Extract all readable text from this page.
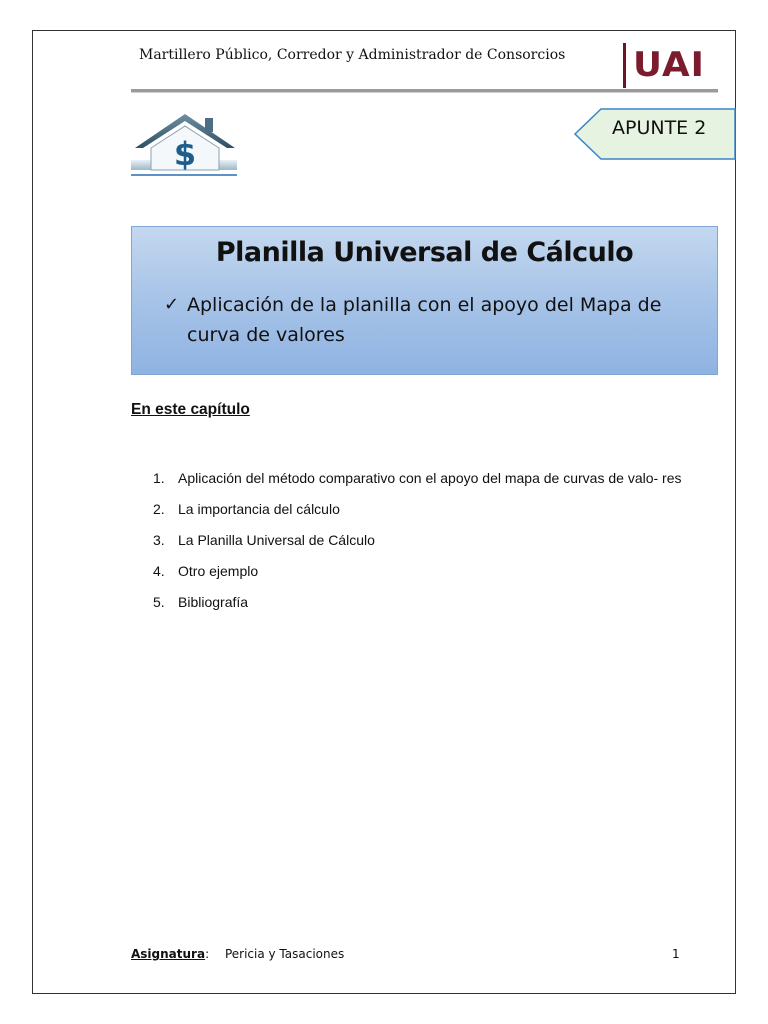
Martillero Público, Corredor y Administrador de Consorcios UAI
$
APUNTE 2
Planilla Universal de Cálculo
✓ Aplicación de la planilla con el apoyo del Mapa de curva de valores
En este capítulo
1. Aplicación del método comparativo con el apoyo del mapa de curvas de valo- res
2. La importancia del cálculo
3. La Planilla Universal de Cálculo
4. Otro ejemplo
5. Bibliografía
Asignatura: Pericia y Tasaciones	1
